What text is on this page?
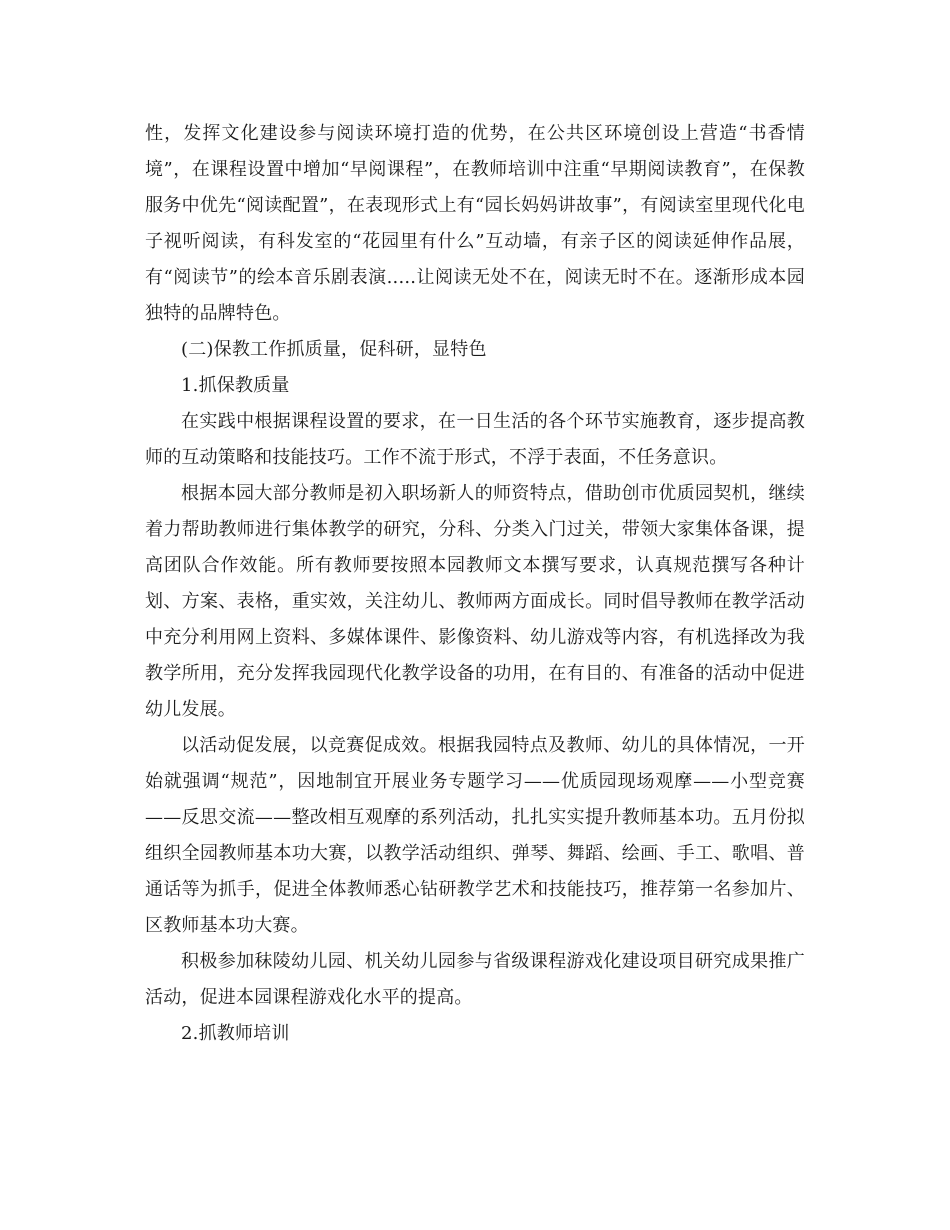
性，发挥文化建设参与阅读环境打造的优势，在公共区环境创设上营造“书香情境”，在课程设置中增加“早阅课程”，在教师培训中注重“早期阅读教育”，在保教服务中优先“阅读配置”，在表现形式上有“园长妈妈讲故事”，有阅读室里现代化电子视听阅读，有科发室的“花园里有什么”互动墙，有亲子区的阅读延伸作品展，有“阅读节”的绘本音乐剧表演.....让阅读无处不在，阅读无时不在。逐渐形成本园独特的品牌特色。

(二)保教工作抓质量，促科研，显特色

1.抓保教质量

在实践中根据课程设置的要求，在一日生活的各个环节实施教育，逐步提高教师的互动策略和技能技巧。工作不流于形式，不浮于表面，不任务意识。

根据本园大部分教师是初入职场新人的师资特点，借助创市优质园契机，继续着力帮助教师进行集体教学的研究，分科、分类入门过关，带领大家集体备课，提高团队合作效能。所有教师要按照本园教师文本撰写要求，认真规范撰写各种计划、方案、表格，重实效，关注幼儿、教师两方面成长。同时倡导教师在教学活动中充分利用网上资料、多媒体课件、影像资料、幼儿游戏等内容，有机选择改为我教学所用，充分发挥我园现代化教学设备的功用，在有目的、有准备的活动中促进幼儿发展。

以活动促发展，以竞赛促成效。根据我园特点及教师、幼儿的具体情况，一开始就强调“规范”，因地制宜开展业务专题学习——优质园现场观摩——小型竞赛——反思交流——整改相互观摩的系列活动，扎扎实实提升教师基本功。五月份拟组织全园教师基本功大赛，以教学活动组织、弹琴、舞蹈、绘画、手工、歌唱、普通话等为抓手，促进全体教师悉心钻研教学艺术和技能技巧，推荐第一名参加片、区教师基本功大赛。

积极参加秣陵幼儿园、机关幼儿园参与省级课程游戏化建设项目研究成果推广活动，促进本园课程游戏化水平的提高。

2.抓教师培训
